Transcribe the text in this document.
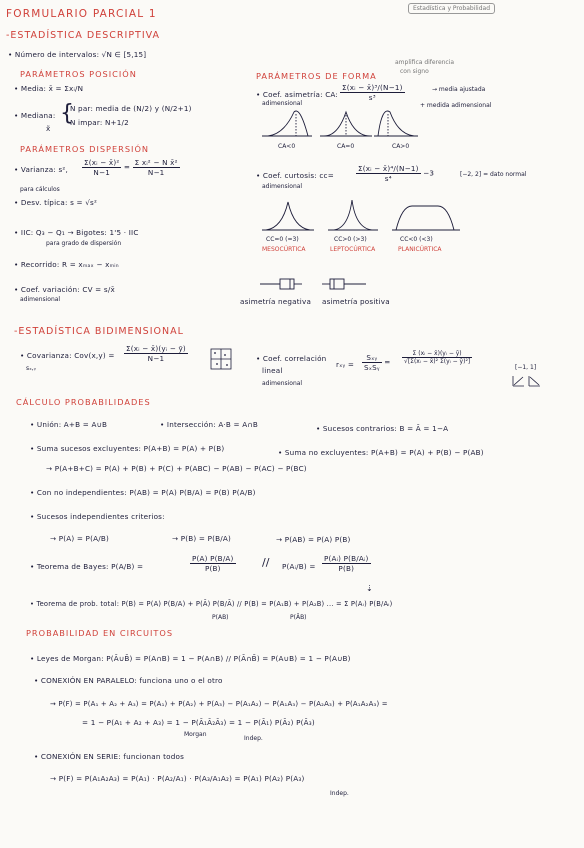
FORMULARIO PARCIAL 1	Estadística y Probabilidad
-ESTADÍSTICA DESCRIPTIVA
• Número de intervalos: √N ∈ [5,15]
PARÁMETROS POSICIÓN
• Media: x̄ = Σxᵢ/N
• Mediana:
x̃
{
N par: media de (N/2) y (N/2+1)
N impar: N+1/2
PARÁMETROS DISPERSIÓN
• Varianza: s², $\frac{\text{Σ(xᵢ − x̄)²}}{N-1} = \frac{\text{Σ xᵢ² − N x̄²}}{N-1}$
para cálculos
• Desv. típica: s = √s²
• IIC: Q₃ − Q₁ → Bigotes: 1'5 · IIC
para grado de dispersión
• Recorrido: R = xₘₐₓ − xₘᵢₙ
• Coef. variación: CV = s/x̄
adimensional
PARÁMETROS DE FORMA
amplifica diferencia
con signo
• Coef. asimetría: CA: $\frac{\text{Σ(xᵢ − x̄)³/(N−1)}}{\text{s³}}$	→ media ajustada
+ medida adimensional
adimensional
CA<0	CA=0	CA>0
• Coef. curtosis: cc=	$\frac{\text{Σ(xᵢ − x̄)⁴/(N−1)}}{\text{s⁴}} -3$	[−2, 2] = dato normal
adimensional
CC=0 (=3)	CC>0 (>3)	CC<0 (<3)
MESOCÚRTICA	LEPTOCÚRTICA	PLANICÚRTICA
asimetría negativa asimetría positiva
-ESTADÍSTICA BIDIMENSIONAL
• Covarianza: Cov(x,y) =
sₓ,ᵧ
$\frac{\text{Σ(xᵢ − x̄)(yᵢ − ȳ)}}{N-1}$	• Coef. correlación
lineal
adimensional
rₓᵧ = $\frac{\text{Sₓᵧ}}{\text{SₓSᵧ}} = \frac{\text{Σ (xᵢ − x̄)(yᵢ − ȳ)}}{\text{√[Σ(xᵢ − x̄)² Σ(yᵢ − ȳ)²]}}$
[−1, 1]
CÁLCULO PROBABILIDADES
• Unión: A+B = A∪B	• Intersección: A·B = A∩B	• Sucesos contrarios: B = Ā = 1−A
• Suma sucesos excluyentes: P(A+B) = P(A) + P(B)	• Suma no excluyentes: P(A+B) = P(A) + P(B) − P(AB)
→ P(A+B+C) = P(A) + P(B) + P(C) + P(ABC) − P(AB) − P(AC) − P(BC)
• Con no independientes: P(AB) = P(A) P(B/A) = P(B) P(A/B)
• Sucesos independientes criterios:
→ P(A) = P(A/B)	→ P(B) = P(B/A)	→ P(AB) = P(A) P(B)
• Teorema de Bayes: P(A/B) =	$\frac{P(A) P(B/A)}{P(B)}$ // P(Aᵢ/B) = $\frac{\text{P(Aᵢ) P(B/Aᵢ)}}{P(B)}$
⇣
• Teorema de prob. total: P(B) = P(A) P(B/A) + P(Ā) P(B/Ā) // P(B) = P(A₁B) + P(A₂B) ... = Σ P(Aᵢ) P(B/Aᵢ)
P(AB)	P(ĀB)
PROBABILIDAD EN CIRCUITOS
• Leyes de Morgan: P(Ā∪B̄) = P(A∩B) = 1 − P(A∩B) // P(Ā∩B̄) = P(A∪B) = 1 − P(A∪B)
• CONEXIÓN EN PARALELO: funciona uno o el otro
→ P(F) = P(A₁ + A₂ + A₃) = P(A₁) + P(A₂) + P(A₃) − P(A₁A₂) − P(A₁A₃) − P(A₂A₃) + P(A₁A₂A₃) =
= 1 − P(A₁ + A₂ + A₃) = 1 − P(Ā₁Ā₂Ā₃) = 1 − P(Ā₁) P(Ā₂) P(Ā₃)
Morgan
Indep.
• CONEXIÓN EN SERIE: funcionan todos
→ P(F) = P(A₁A₂A₃) = P(A₁) · P(A₂/A₁) · P(A₃/A₁A₂) = P(A₁) P(A₂) P(A₃)
Indep.
